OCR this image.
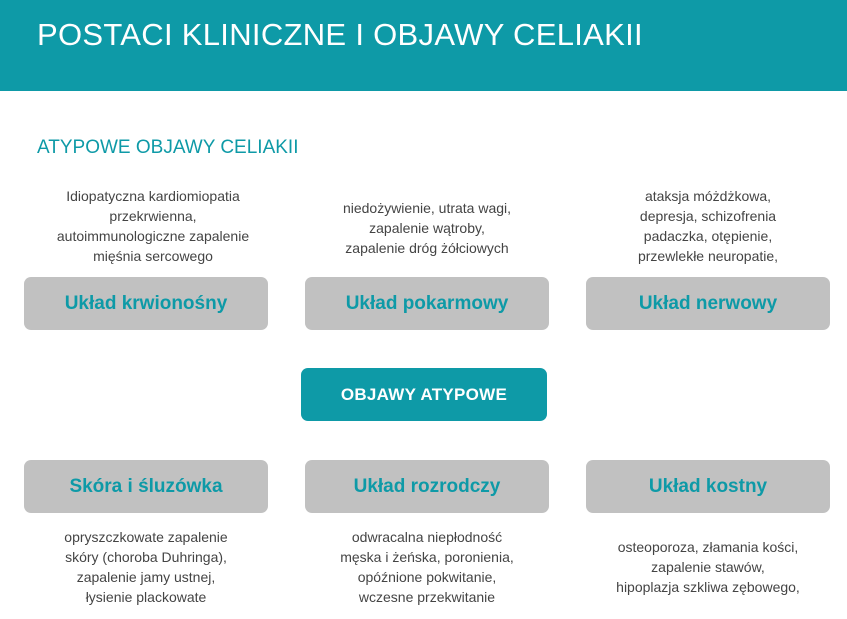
POSTACI KLINICZNE I OBJAWY CELIAKII
ATYPOWE OBJAWY CELIAKII
Idiopatyczna kardiomiopatia
przekrwienna,
autoimmunologiczne zapalenie
mięśnia sercowego
niedożywienie, utrata wagi,
zapalenie wątroby,
zapalenie dróg żółciowych
ataksja móżdżkowa,
depresja, schizofrenia
padaczka, otępienie,
przewlekłe neuropatie,
Układ krwionośny	Układ pokarmowy	Układ nerwowy
OBJAWY ATYPOWE
Skóra i śluzówka	Układ rozrodczy	Układ kostny
opryszczkowate zapalenie
skóry (choroba Duhringa),
zapalenie jamy ustnej,
łysienie plackowate
odwracalna niepłodność
męska i żeńska, poronienia,
opóźnione pokwitanie,
wczesne przekwitanie
osteoporoza, złamania kości,
zapalenie stawów,
hipoplazja szkliwa zębowego,
